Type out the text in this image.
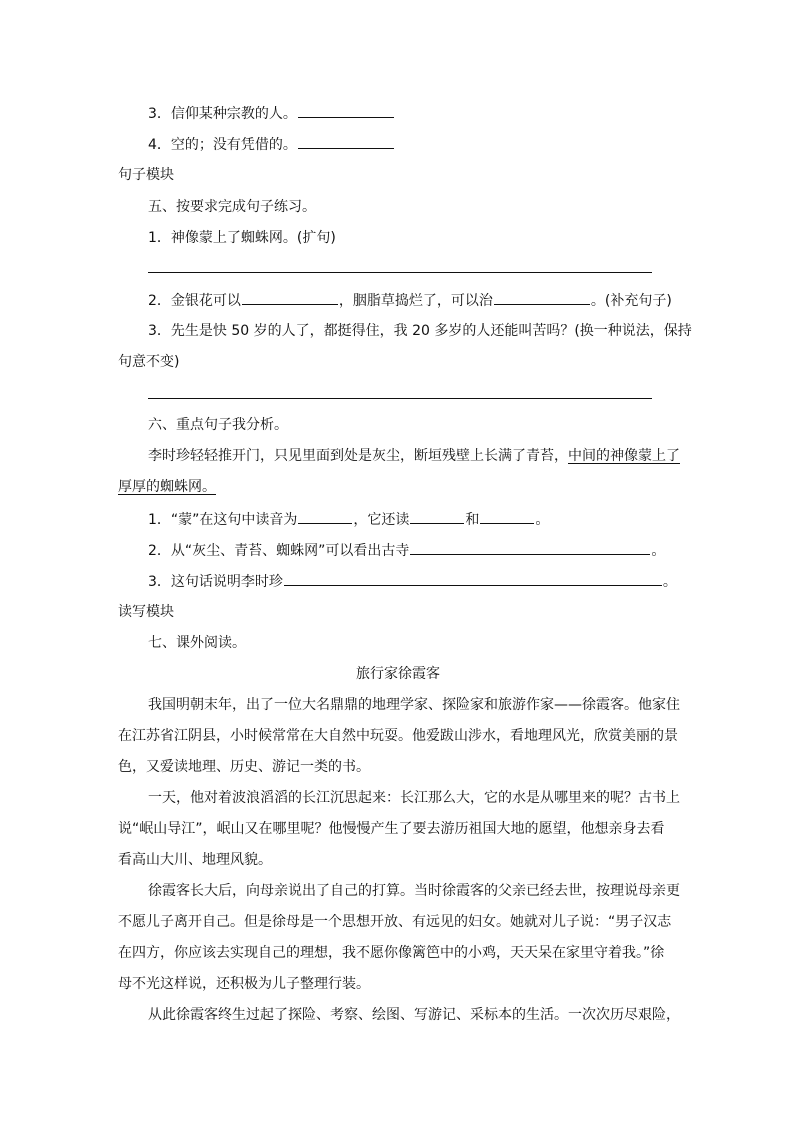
3．信仰某种宗教的人。
4．空的；没有凭借的。
句子模块
五、按要求完成句子练习。
1．神像蒙上了蜘蛛网。(扩句)
2．金银花可以	，胭脂草捣烂了，可以治	。(补充句子)
3．先生是快 50 岁的人了，都挺得住，我 20 多岁的人还能叫苦吗？(换一种说法，保持
句意不变)
六、重点句子我分析。
李时珍轻轻推开门，只见里面到处是灰尘，断垣残壁上长满了青苔，中间的神像蒙上了
厚厚的蜘蛛网。
1．“蒙”在这句中读音为	，它还读	和	。
2．从“灰尘、青苔、蜘蛛网”可以看出古寺	。
3．这句话说明李时珍	。
读写模块
七、课外阅读。
旅行家徐霞客
我国明朝末年，出了一位大名鼎鼎的地理学家、探险家和旅游作家——徐霞客。他家住
在江苏省江阴县，小时候常常在大自然中玩耍。他爱跋山涉水，看地理风光，欣赏美丽的景
色，又爱读地理、历史、游记一类的书。
一天，他对着波浪滔滔的长江沉思起来：长江那么大，它的水是从哪里来的呢？古书上
说“岷山导江”，岷山又在哪里呢？他慢慢产生了要去游历祖国大地的愿望，他想亲身去看
看高山大川、地理风貌。
徐霞客长大后，向母亲说出了自己的打算。当时徐霞客的父亲已经去世，按理说母亲更
不愿儿子离开自己。但是徐母是一个思想开放、有远见的妇女。她就对儿子说：“男子汉志
在四方，你应该去实现自己的理想，我不愿你像篱笆中的小鸡，天天呆在家里守着我。”徐
母不光这样说，还积极为儿子整理行装。
从此徐霞客终生过起了探险、考察、绘图、写游记、采标本的生活。一次次历尽艰险，
